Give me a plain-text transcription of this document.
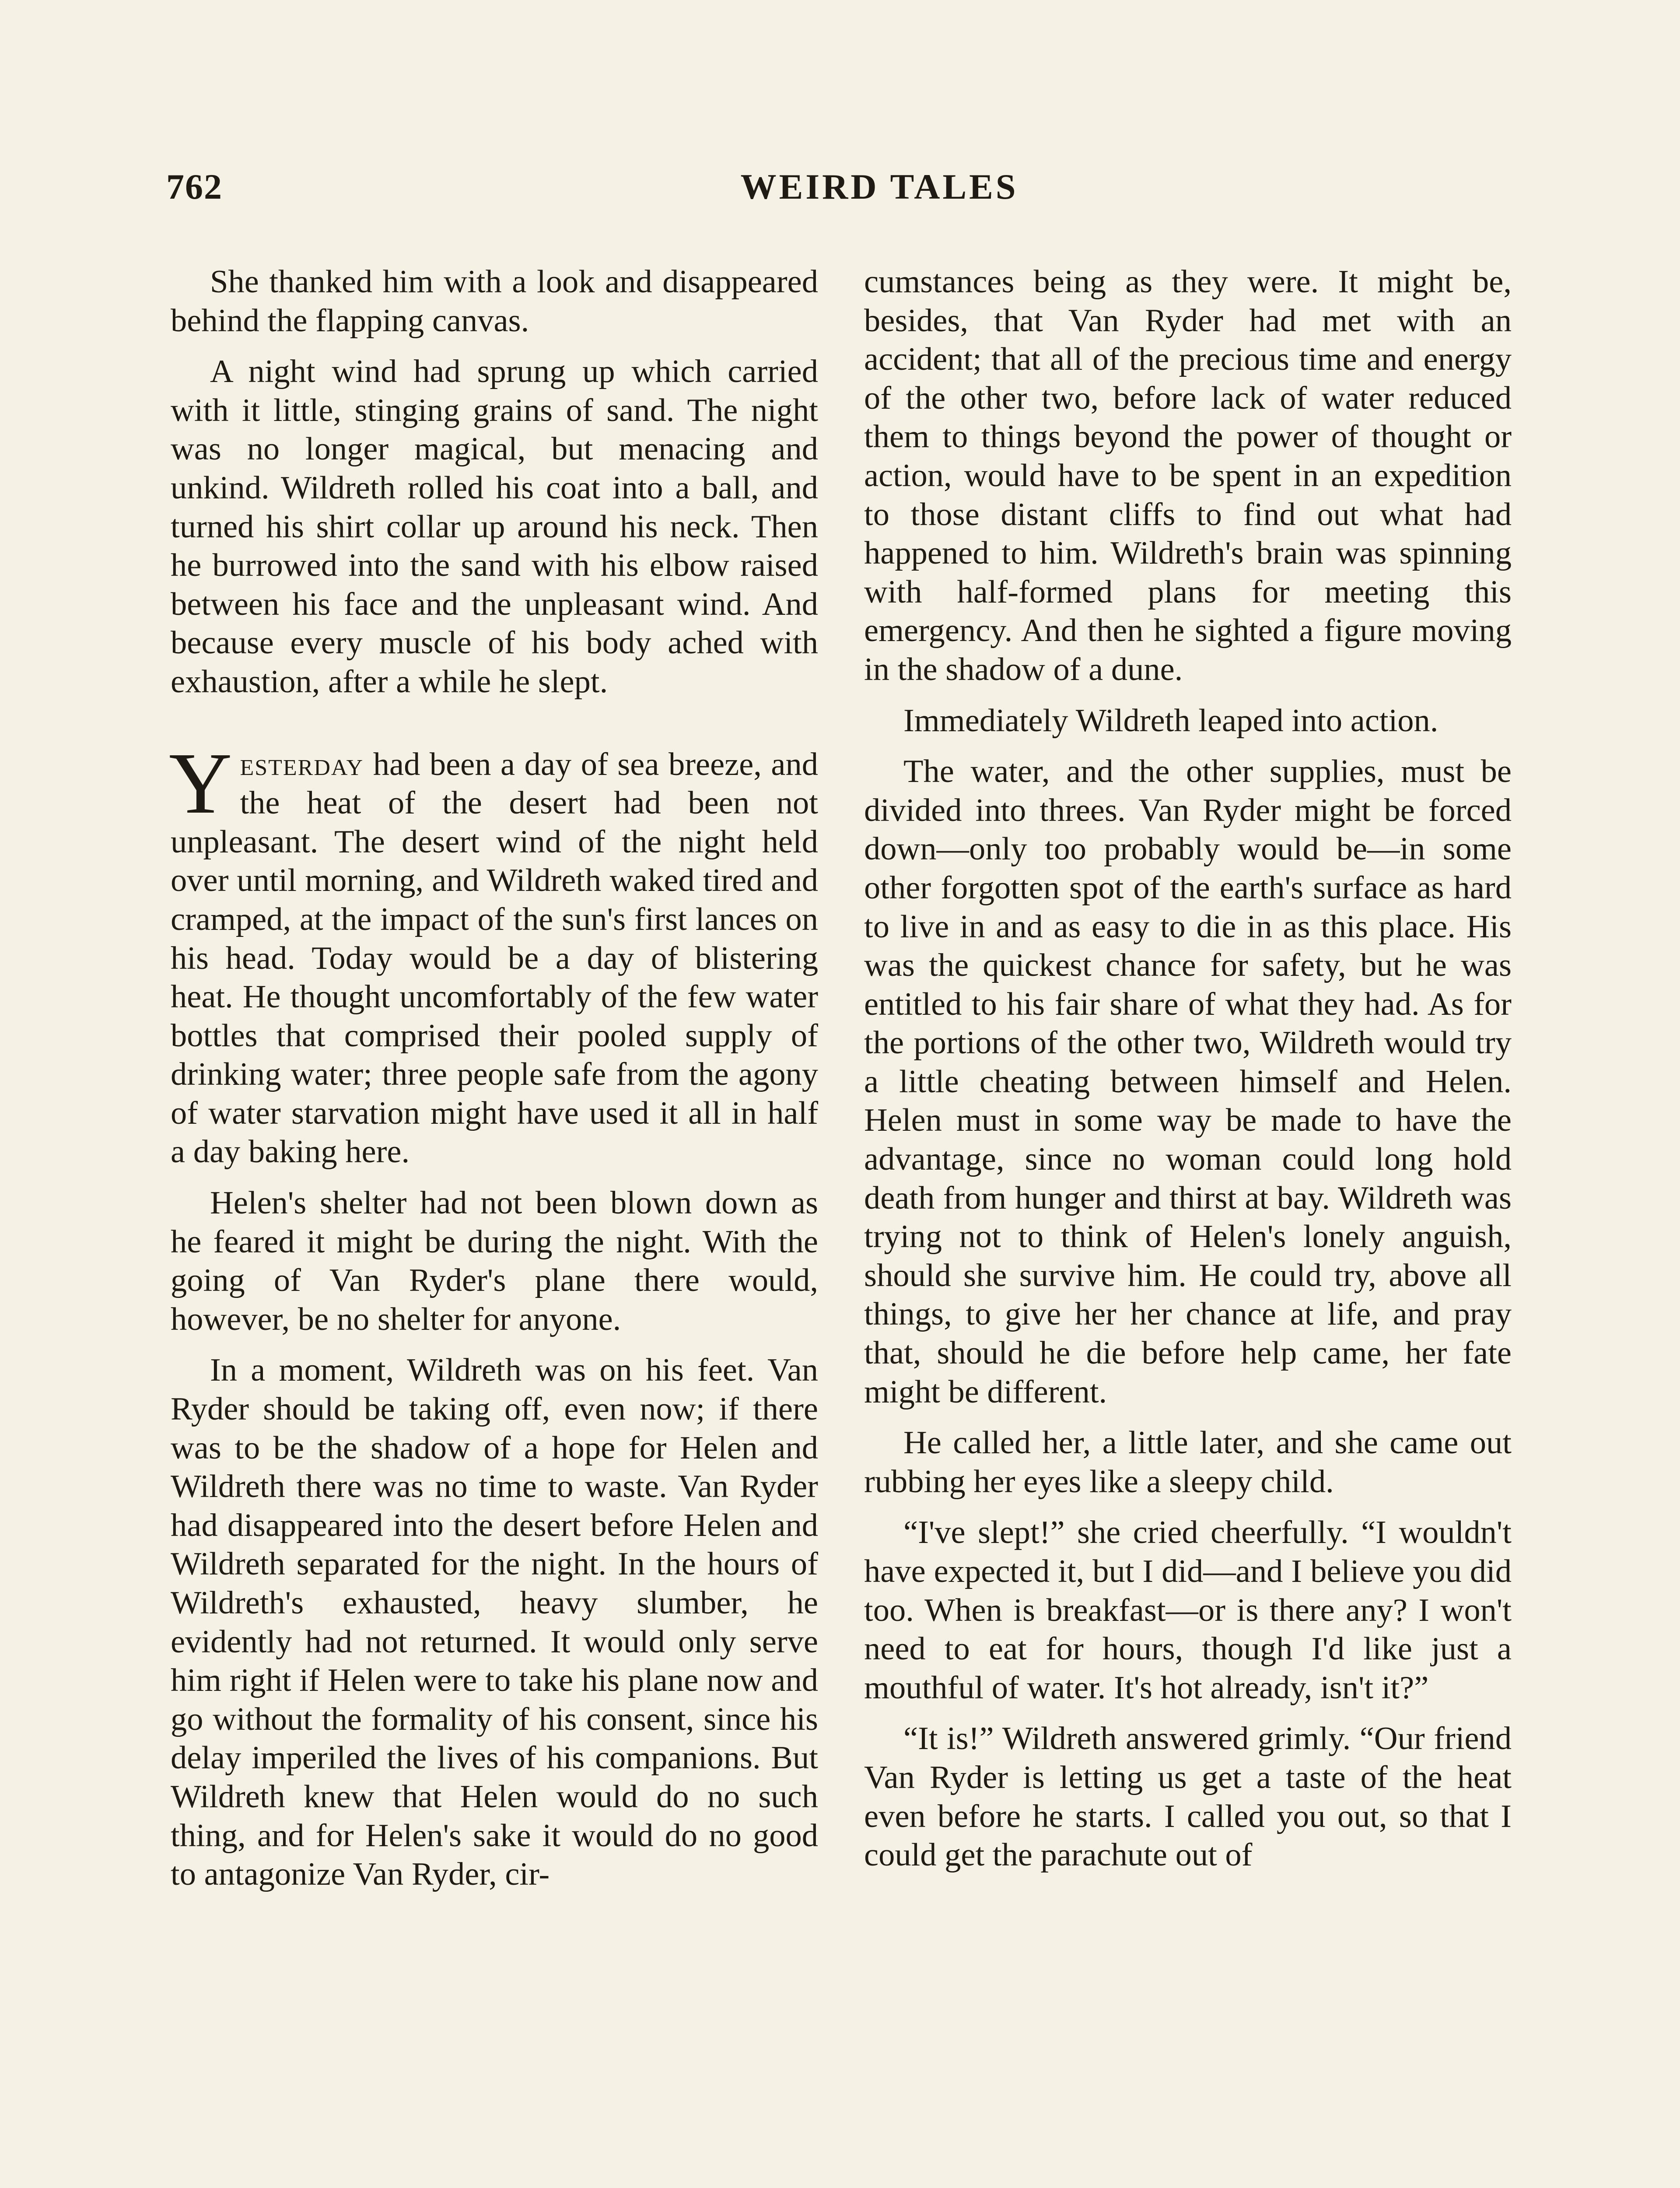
762	WEIRD TALES

She thanked him with a look and disappeared behind the flapping canvas.

A night wind had sprung up which carried with it little, stinging grains of sand. The night was no longer magical, but menacing and unkind. Wildreth rolled his coat into a ball, and turned his shirt collar up around his neck. Then he burrowed into the sand with his elbow raised between his face and the unpleasant wind. And because every muscle of his body ached with exhaustion, after a while he slept.

Yesterday had been a day of sea breeze, and the heat of the desert had been not unpleasant. The desert wind of the night held over until morning, and Wildreth waked tired and cramped, at the impact of the sun's first lances on his head. Today would be a day of blistering heat. He thought uncomfortably of the few water bottles that comprised their pooled supply of drinking water; three people safe from the agony of water starvation might have used it all in half a day baking here.

Helen's shelter had not been blown down as he feared it might be during the night. With the going of Van Ryder's plane there would, however, be no shelter for anyone.

In a moment, Wildreth was on his feet. Van Ryder should be taking off, even now; if there was to be the shadow of a hope for Helen and Wildreth there was no time to waste. Van Ryder had disappeared into the desert before Helen and Wildreth separated for the night. In the hours of Wildreth's exhausted, heavy slumber, he evidently had not returned. It would only serve him right if Helen were to take his plane now and go without the formality of his consent, since his delay imperiled the lives of his companions. But Wildreth knew that Helen would do no such thing, and for Helen's sake it would do no good to antagonize Van Ryder, cir-

cumstances being as they were. It might be, besides, that Van Ryder had met with an accident; that all of the precious time and energy of the other two, before lack of water reduced them to things beyond the power of thought or action, would have to be spent in an expedition to those distant cliffs to find out what had happened to him. Wildreth's brain was spinning with half-formed plans for meeting this emergency. And then he sighted a figure moving in the shadow of a dune.

Immediately Wildreth leaped into action.

The water, and the other supplies, must be divided into threes. Van Ryder might be forced down—only too probably would be—in some other forgotten spot of the earth's surface as hard to live in and as easy to die in as this place. His was the quickest chance for safety, but he was entitled to his fair share of what they had. As for the portions of the other two, Wildreth would try a little cheating between himself and Helen. Helen must in some way be made to have the advantage, since no woman could long hold death from hunger and thirst at bay. Wildreth was trying not to think of Helen's lonely anguish, should she survive him. He could try, above all things, to give her her chance at life, and pray that, should he die before help came, her fate might be different.

He called her, a little later, and she came out rubbing her eyes like a sleepy child.

“I've slept!” she cried cheerfully. “I wouldn't have expected it, but I did—and I believe you did too. When is breakfast—or is there any? I won't need to eat for hours, though I'd like just a mouthful of water. It's hot already, isn't it?”

“It is!” Wildreth answered grimly. “Our friend Van Ryder is letting us get a taste of the heat even before he starts. I called you out, so that I could get the parachute out of
